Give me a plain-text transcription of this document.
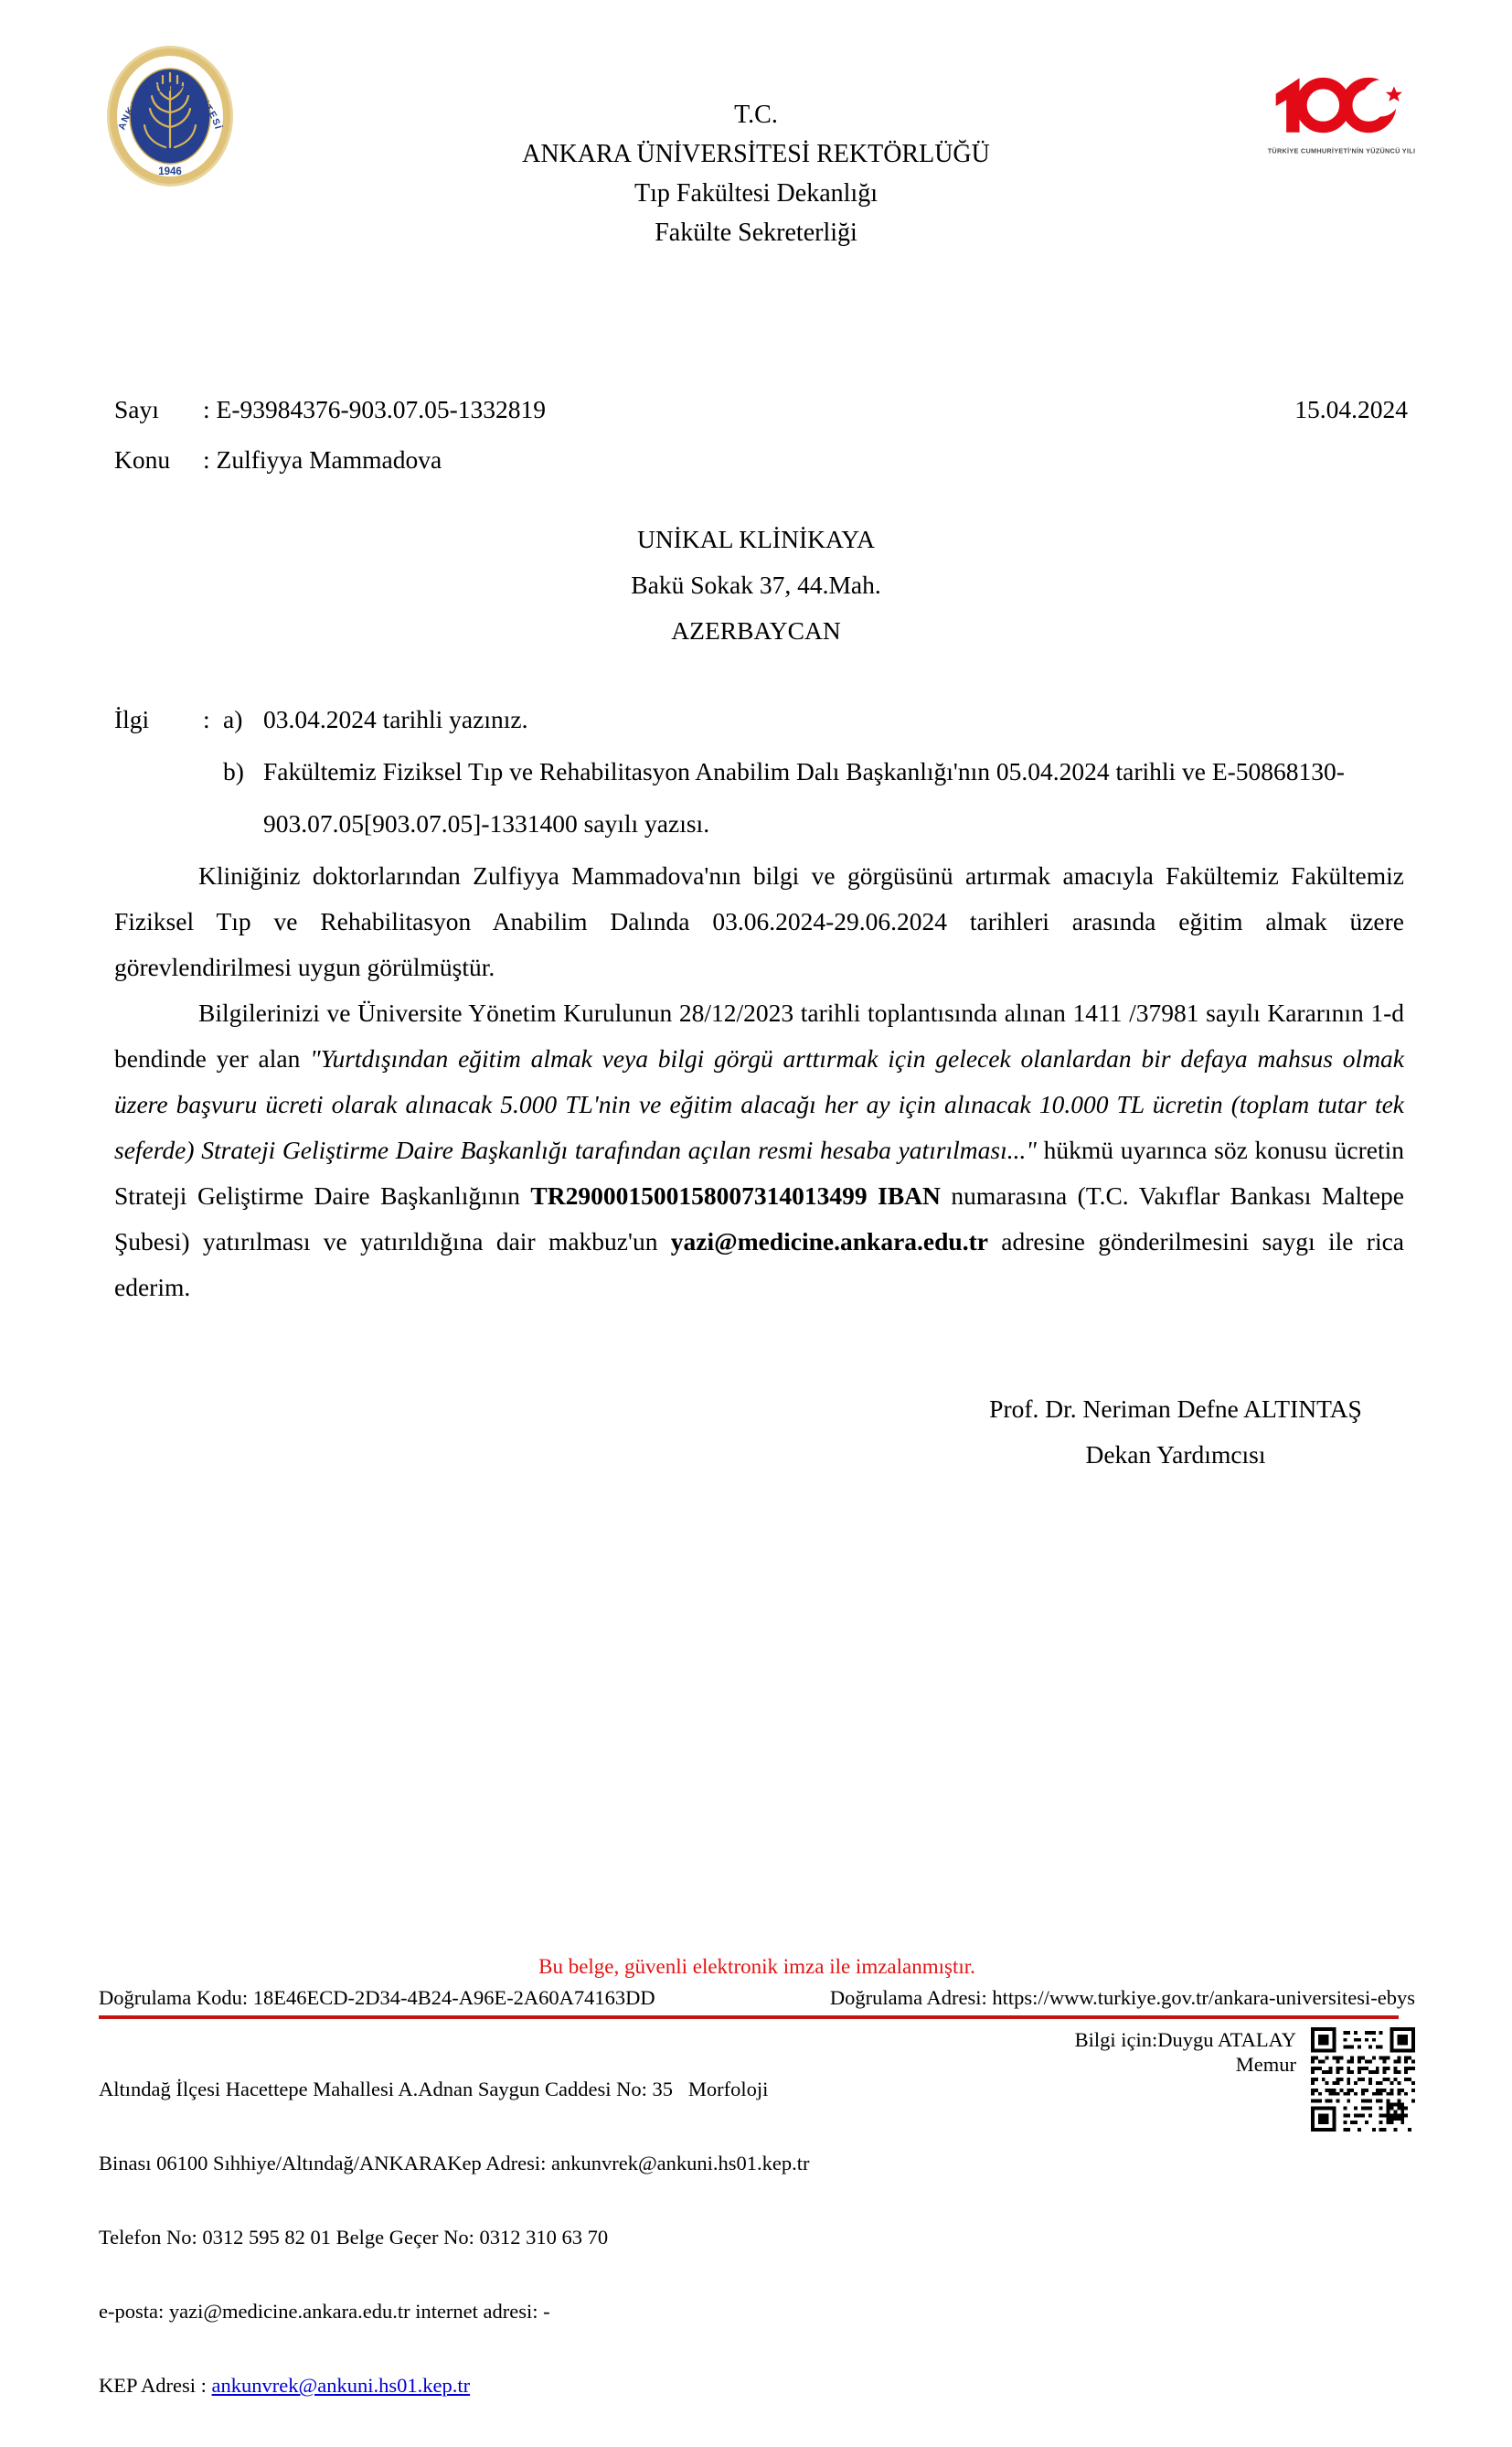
ANKARA ÜNİVERSİTESİ
1946
T.C.
ANKARA ÜNİVERSİTESİ REKTÖRLÜĞÜ
Tıp Fakültesi Dekanlığı
Fakülte Sekreterliği
TÜRKİYE CUMHURİYETİ'NİN YÜZÜNCÜ YILI
Sayı	: E-93984376-903.07.05-1332819	15.04.2024
Konu	: Zulfiyya Mammadova
UNİKAL KLİNİKAYA
Bakü Sokak 37, 44.Mah.
AZERBAYCAN
İlgi	: a) 03.04.2024 tarihli yazınız.
b) Fakültemiz Fiziksel Tıp ve Rehabilitasyon Anabilim Dalı Başkanlığı'nın 05.04.2024 tarihli ve E-50868130-903.07.05[903.07.05]-1331400 sayılı yazısı.

Kliniğiniz doktorlarından Zulfiyya Mammadova'nın bilgi ve görgüsünü artırmak amacıyla Fakültemiz Fakültemiz Fiziksel Tıp ve Rehabilitasyon Anabilim Dalında 03.06.2024-29.06.2024 tarihleri arasında eğitim almak üzere görevlendirilmesi uygun görülmüştür.

Bilgilerinizi ve Üniversite Yönetim Kurulunun 28/12/2023 tarihli toplantısında alınan 1411 /37981 sayılı Kararının 1-d bendinde yer alan "Yurtdışından eğitim almak veya bilgi görgü arttırmak için gelecek olanlardan bir defaya mahsus olmak üzere başvuru ücreti olarak alınacak 5.000 TL'nin ve eğitim alacağı her ay için alınacak 10.000 TL ücretin (toplam tutar tek seferde) Strateji Geliştirme Daire Başkanlığı tarafından açılan resmi hesaba yatırılması..." hükmü uyarınca söz konusu ücretin Strateji Geliştirme Daire Başkanlığının TR290001500158007314013499 IBAN numarasına (T.C. Vakıflar Bankası Maltepe Şubesi) yatırılması ve yatırıldığına dair makbuz'un yazi@medicine.ankara.edu.tr adresine gönderilmesini saygı ile rica ederim.

Prof. Dr. Neriman Defne ALTINTAŞ
Dekan Yardımcısı
Bu belge, güvenli elektronik imza ile imzalanmıştır.
Doğrulama Kodu: 18E46ECD-2D34-4B24-A96E-2A60A74163DD	Doğrulama Adresi: https://www.turkiye.gov.tr/ankara-universitesi-ebys

Altındağ İlçesi Hacettepe Mahallesi A.Adnan Saygun Caddesi No: 35   Morfoloji

Binası 06100 Sıhhiye/Altındağ/ANKARAKep Adresi: ankunvrek@ankuni.hs01.kep.tr

Telefon No: 0312 595 82 01 Belge Geçer No: 0312 310 63 70

e-posta: yazi@medicine.ankara.edu.tr internet adresi: -

KEP Adresi : ankunvrek@ankuni.hs01.kep.tr

Bilgi için:Duygu ATALAY
Memur
